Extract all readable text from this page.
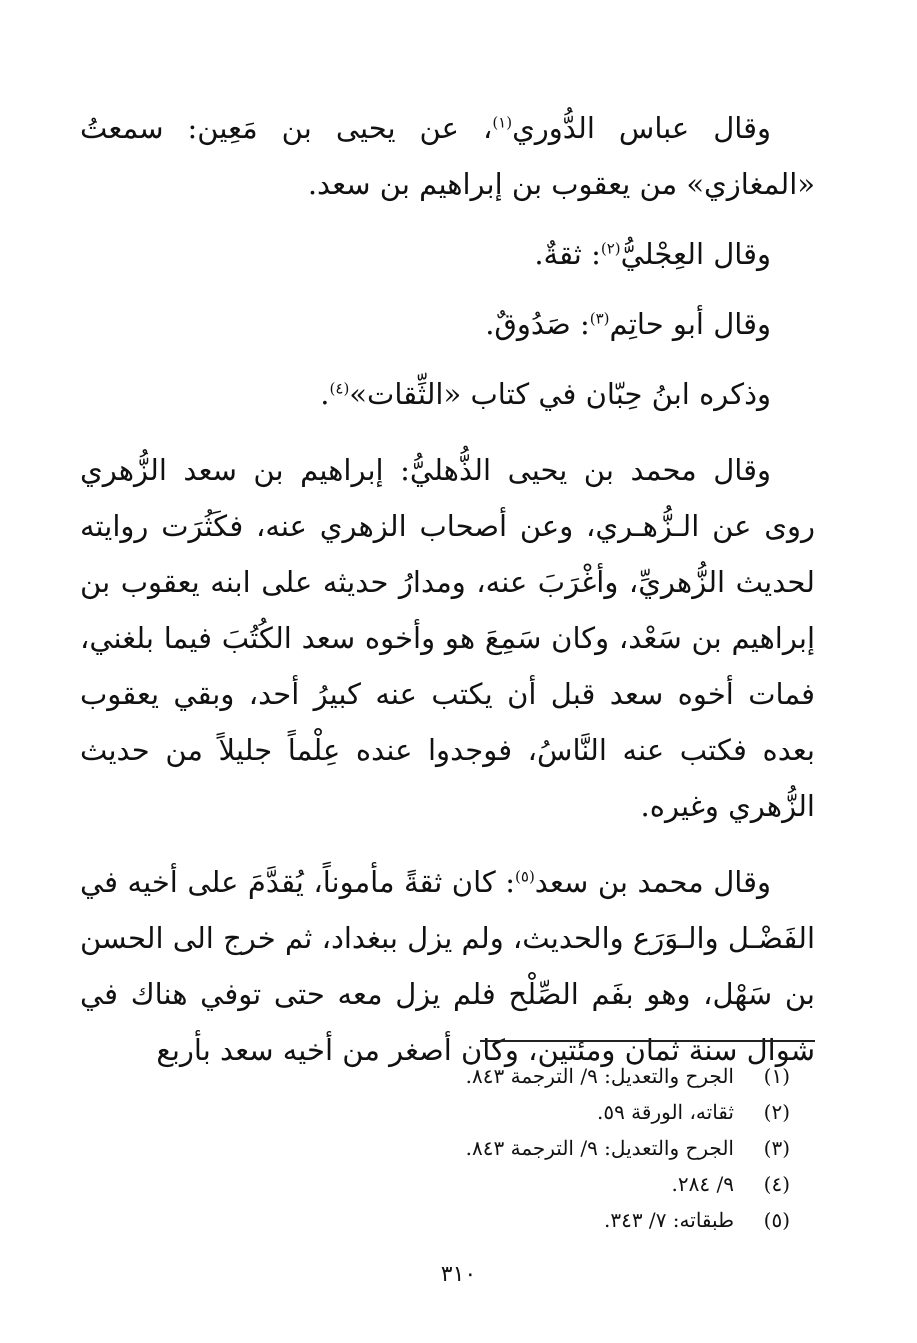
وقال عباس الدُّوري$^{(١)}$، عن يحيى بن مَعِين: سمعتُ «المغازي» من يعقوب بن إبراهيم بن سعد.

وقال العِجْليُّ$^{(٢)}$: ثقةٌ.

وقال أبو حاتِم$^{(٣)}$: صَدُوقٌ.

وذكره ابنُ حِبّان في كتاب «الثِّقات»$^{(٤)}$.

وقال محمد بن يحيى الذُّهليُّ: إبراهيم بن سعد الزُّهري روى عن الـزُّهـري، وعن أصحاب الزهري عنه، فكَثُرَت روايته لحديث الزُّهريِّ، وأغْرَبَ عنه، ومدارُ حديثه على ابنه يعقوب بن إبراهيم بن سَعْد، وكان سَمِعَ هو وأخوه سعد الكُتُبَ فيما بلغني، فمات أخوه سعد قبل أن يكتب عنه كبيرُ أحد، وبقي يعقوب بعده فكتب عنه النَّاسُ، فوجدوا عنده عِلْماً جليلاً من حديث الزُّهري وغيره.

وقال محمد بن سعد$^{(٥)}$: كان ثقةً مأموناً، يُقدَّمَ على أخيه في الفَضْـل والـوَرَع والحديث، ولم يزل ببغداد، ثم خرج الى الحسن بن سَهْل، وهو بفَم الصِّلْح فلم يزل معه حتى توفي هناك في شوال سنة ثمان ومئتين، وكان أصغر من أخيه سعد بأربع

(١)
الجرح والتعديل: ٩/ الترجمة ٨٤٣.
(٢)
ثقاته، الورقة ٥٩.
(٣)
الجرح والتعديل: ٩/ الترجمة ٨٤٣.
(٤)
٩/ ٢٨٤.
(٥)
طبقاته: ٧/ ٣٤٣.
٣١٠
